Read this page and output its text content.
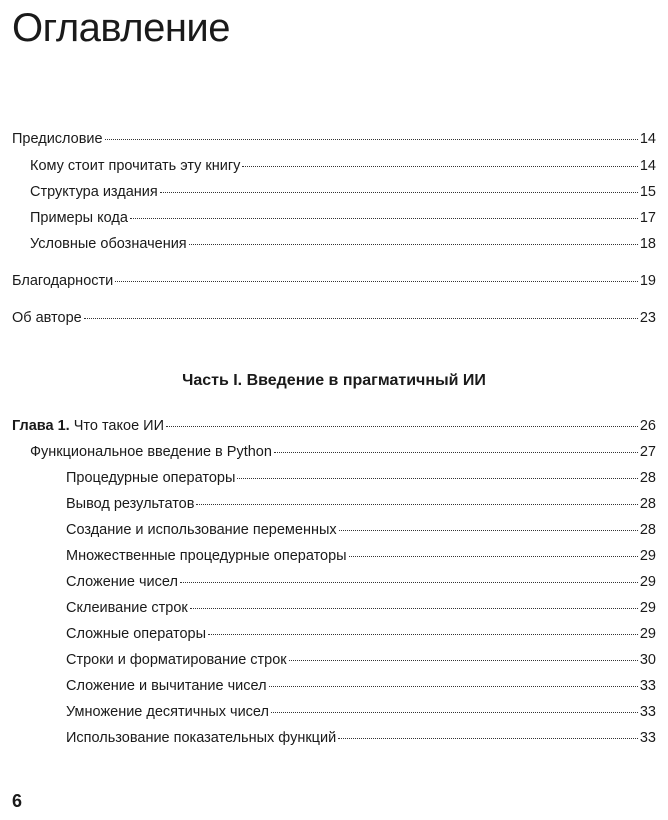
Оглавление
Предисловие	14
Кому стоит прочитать эту книгу	14
Структура издания	15
Примеры кода	17
Условные обозначения	18
Благодарности	19
Об авторе	23
Часть I. Введение в прагматичный ИИ
Глава 1. Что такое ИИ	26
Функциональное введение в Python	27
Процедурные операторы	28
Вывод результатов	28
Создание и использование переменных	28
Множественные процедурные операторы	29
Сложение чисел	29
Склеивание строк	29
Сложные операторы	29
Строки и форматирование строк	30
Сложение и вычитание чисел	33
Умножение десятичных чисел	33
Использование показательных функций	33
6
